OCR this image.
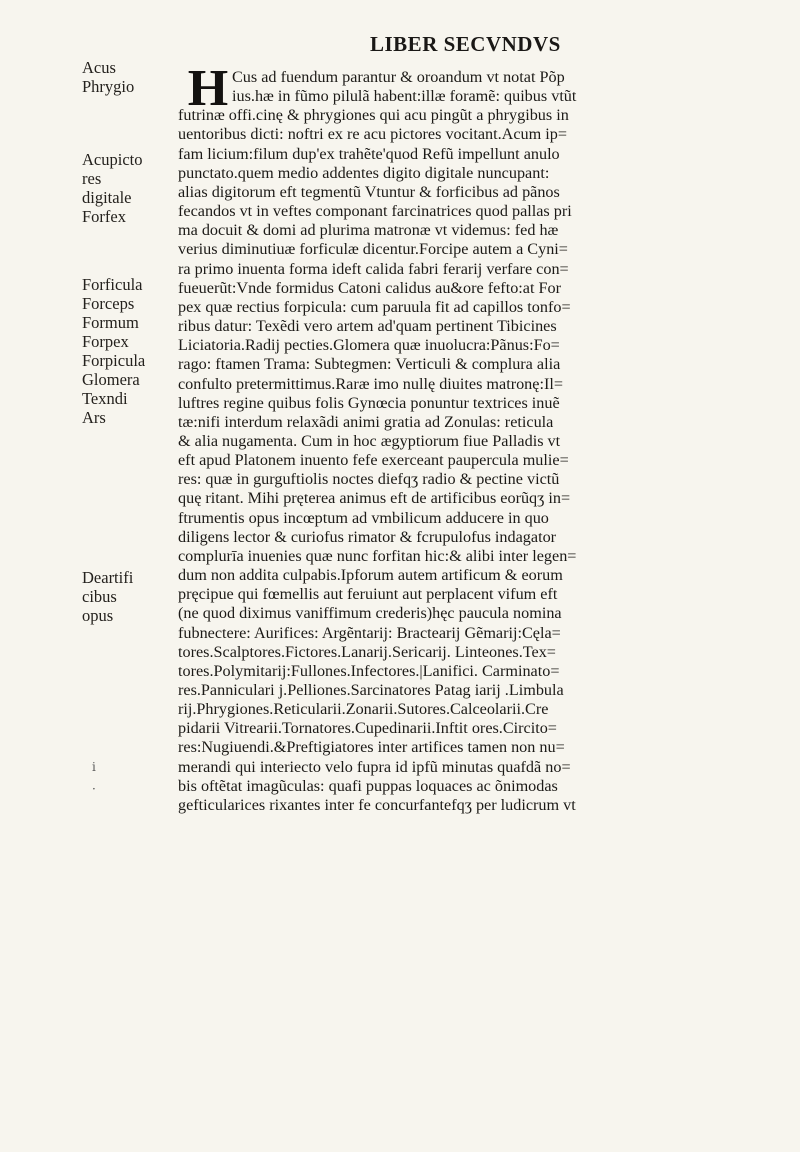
LIBER SECVNDVS
Acus
Phrygio
Acupicto
res
digitale
Forfex
Forficula
Forceps
Formum
Forpex
Forpicula
Glomera
Texndi
Ars
Deartifi
cibus
opus
i
·
H Cus ad fuendum parantur & oroandum vt notat Põp
ius.hæ in fũmo pilulã habent:illæ foramẽ: quibus vtũt
futrinæ offi.cinę & phrygiones qui acu pingũt a phrygibus in
uentoribus dicti: noftri ex re acu pictores vocitant.Acum ip=
fam licium:filum dup'ex trahẽte'quod Refũ impellunt anulo
punctato.quem medio addentes digito digitale nuncupant:
alias digitorum eft tegmentũ Vtuntur & forficibus ad pãnos
fecandos vt in veftes componant farcinatrices quod pallas pri
ma docuit & domi ad plurima matronæ vt videmus: fed hæ
verius diminutiuæ forficulæ dicentur.Forcipe autem a Cyni=
ra primo inuenta forma ideft calida fabri ferarij verfare con=
fueuerũt:Vnde formidus Catoni calidus au&ore fefto:at For
pex quæ rectius forpicula: cum paruula fit ad capillos tonfo=
ribus datur: Texẽdi vero artem ad'quam pertinent Tibicines
Liciatoria.Radij pecties.Glomera quæ inuolucra:Pãnus:Fo=
rago: ftamen Trama: Subtegmen: Verticuli & complura alia
confulto pretermittimus.Raræ imo nullę diuites matronę:Il=
luftres regine quibus folis Gynœcia ponuntur textrices inuẽ
tæ:nifi interdum relaxãdi animi gratia ad Zonulas: reticula
& alia nugamenta. Cum in hoc ægyptiorum fiue Palladis vt
eft apud Platonem inuento fefe exerceant paupercula mulie=
res: quæ in gurguftiolis noctes diefqʒ radio & pectine victũ
quę ritant. Mihi pręterea animus eft de artificibus eorũqʒ in=
ftrumentis opus incœptum ad vmbilicum adducere in quo
diligens lector & curiofus rimator & fcrupulofus indagator
complurīa inuenies quæ nunc forfitan hic:& alibi inter legen=
dum non addita culpabis.Ipforum autem artificum & eorum
pręcipue qui fœmellis aut feruiunt aut perplacent vifum eft
(ne quod diximus vaniffimum crederis)hęc paucula nomina
fubnectere: Aurifices: Argẽntarij: Bractearij Gẽmarij:Cęla=
tores.Scalptores.Fictores.Lanarij.Sericarij. Linteones.Tex=
tores.Polymitarij:Fullones.Infectores.|Lanifici. Carminato=
res.Panniculari j.Pelliones.Sarcinatores Patag iarij .Limbula
rij.Phrygiones.Reticularii.Zonarii.Sutores.Calceolarii.Cre
pidarii Vitrearii.Tornatores.Cupedinarii.Inftit ores.Circito=
res:Nugiuendi.&Preftigiatores inter artifices tamen non nu=
merandi qui interiecto velo fupra id ipfũ minutas quafdã no=
bis oftẽtat imagũculas: quafi puppas loquaces ac õnimodas
gefticularices rixantes inter fe concurfantefqʒ per ludicrum vt
